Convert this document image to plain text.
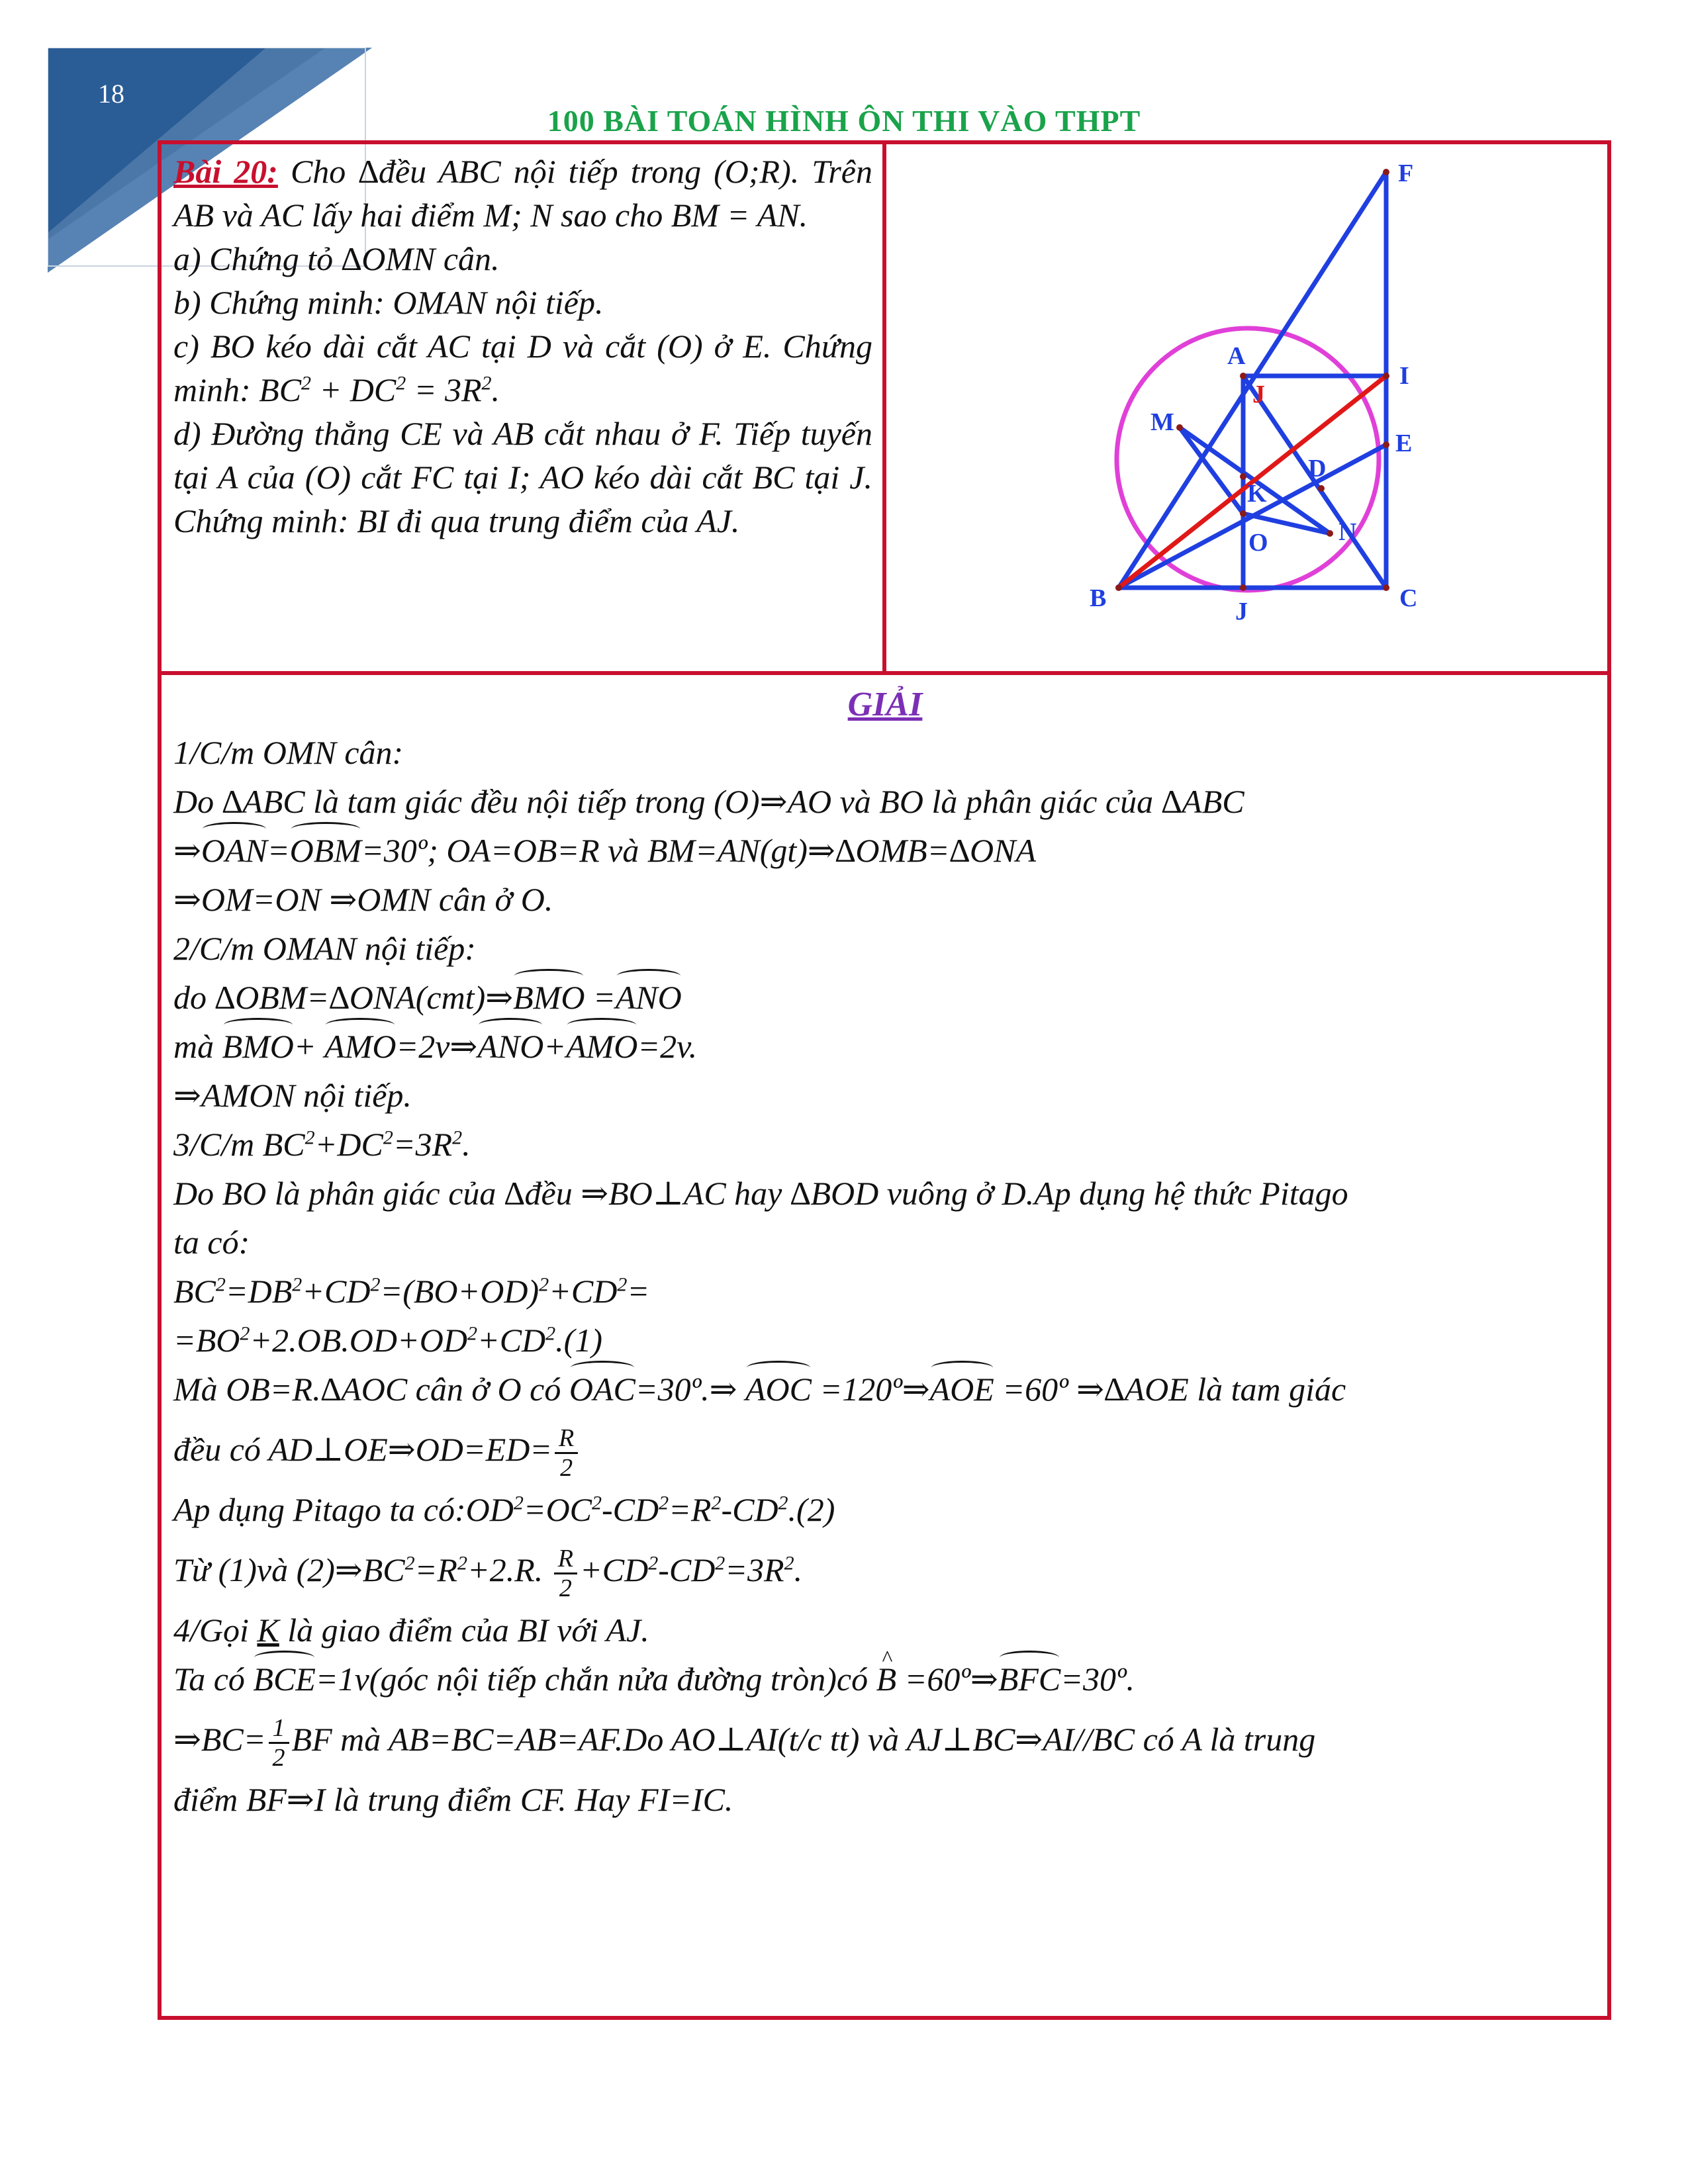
18
100 BÀI TOÁN HÌNH ÔN THI VÀO THPT

Bài 20: Cho ∆đều ABC nội tiếp trong (O;R). Trên AB và AC lấy hai điểm M; N sao cho BM = AN.

a) Chứng tỏ ∆OMN cân.

b) Chứng minh: OMAN nội tiếp.

c) BO kéo dài cắt AC tại D và cắt (O) ở E. Chứng minh: $BC^2 + DC^2 = 3R^2$.

d) Đường thẳng CE và AB cắt nhau ở F. Tiếp tuyến tại A của (O) cắt FC tại I; AO kéo dài cắt BC tại J. Chứng minh: BI đi qua trung điểm của AJ.

F
A
I
J
M
E
D
K
N
O
B	J	C
GIẢI
1/C/m OMN cân:
Do ∆ABC là tam giác đều nội tiếp trong (O)⇒AO và BO là phân giác của ∆ABC
⇒OAN=OBM=30º; OA=OB=R và BM=AN(gt)⇒∆OMB=∆ONA
⇒OM=ON ⇒OMN cân ở O.
2/C/m OMAN nội tiếp:
do ∆OBM=∆ONA(cmt)⇒BMO =ANO
mà BMO+ AMO=2v⇒ANO+AMO=2v.
⇒AMON nội tiếp.
3/C/m $BC^2+DC^2=3R^2$.
Do BO là phân giác của ∆đều ⇒BO⊥AC hay ∆BOD vuông ở D.Ap dụng hệ thức Pitago
ta có:
$BC^2=DB^2+CD^2=(BO+OD)^2+CD^2=$
$=BO^2+2.OB.OD+OD^2+CD^2.(1)$
Mà OB=R.∆AOC cân ở O có OAC=30º.⇒ AOC =120º⇒AOE =60º ⇒∆AOE là tam giác
đều có AD⊥OE⇒OD=ED= $\frac{R}{2}$
Ap dụng Pitago ta $có:OD^2=OC^2-CD^2=R^2-CD^2.(2)$
Từ (1)và $(2)\Rightarrow BC^2=R^2+2.R$. $\frac{R}{2} +CD^2-CD^2=3R^2$.
4/Gọi K là giao điểm của BI với AJ.
Ta có BCE=1v(góc nội tiếp chắn nửa đường tròn)có ^ B =60º⇒BFC=30º.
⇒BC= $\frac{1}{2}$ BF mà AB=BC=AB=AF.Do AO⊥AI(t/c tt) và AJ⊥BC⇒AI//BC có A là trung
điểm BF⇒I là trung điểm CF. Hay FI=IC.
